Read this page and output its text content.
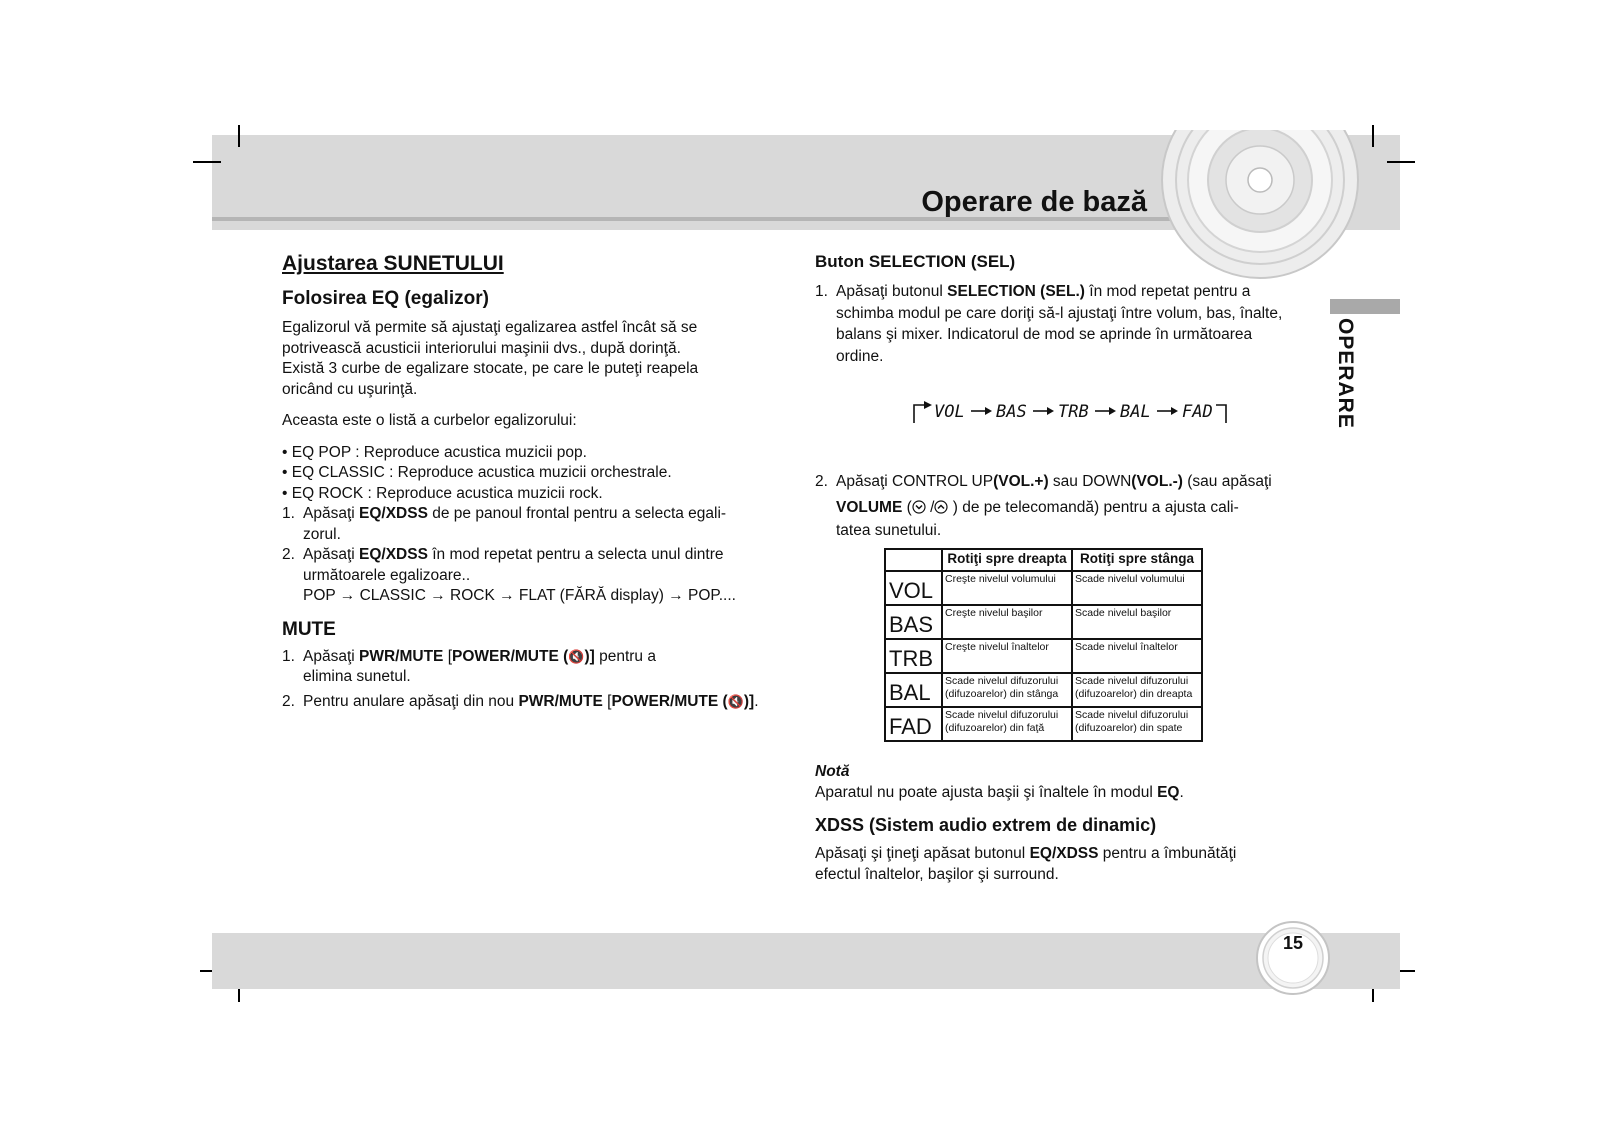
Operare de bază
OPERARE
15
Ajustarea SUNETULUI
Folosirea EQ (egalizor)
Egalizorul vă permite să ajustaţi egalizarea astfel încât să se
potrivească acusticii interiorului maşinii dvs., după dorinţă.
Există 3 curbe de egalizare stocate, pe care le puteţi reapela
oricând cu uşurinţă.
Aceasta este o listă a curbelor egalizorului:
• EQ POP : Reproduce acustica muzicii pop.
• EQ CLASSIC : Reproduce acustica muzicii orchestrale.
• EQ ROCK : Reproduce acustica muzicii rock.
1. Apăsaţi EQ/XDSS de pe panoul frontal pentru a selecta egali-
zorul.
2. Apăsaţi EQ/XDSS în mod repetat pentru a selecta unul dintre
următoarele egalizoare..
POP → CLASSIC → ROCK → FLAT (FĂRĂ display) → POP....
MUTE
1. Apăsaţi PWR/MUTE [POWER/MUTE (🔇)] pentru a
elimina sunetul.
2. Pentru anulare apăsaţi din nou PWR/MUTE [POWER/MUTE (🔇)].
Buton SELECTION (SEL)
1. Apăsaţi butonul SELECTION (SEL.) în mod repetat pentru a
schimba modul pe care doriţi să-l ajustaţi între volum, bas, înalte,
balans şi mixer. Indicatorul de mod se aprinde în următoarea
ordine.
VOL BAS TRB BAL FAD
2. Apăsaţi CONTROL UP(VOL.+) sau DOWN(VOL.-) (sau apăsaţi
VOLUME ( / ) de pe telecomandă) pentru a ajusta cali-
tatea sunetului.
	Rotiţi spre dreapta	Rotiţi spre stânga
VOL	Creşte nivelul volumului	Scade nivelul volumului
BAS	Creşte nivelul başilor	Scade nivelul başilor
TRB	Creşte nivelul înaltelor	Scade nivelul înaltelor
BAL	Scade nivelul difuzorului (difuzoarelor) din stânga	Scade nivelul difuzorului (difuzoarelor) din dreapta
FAD	Scade nivelul difuzorului (difuzoarelor) din faţă	Scade nivelul difuzorului (difuzoarelor) din spate
Notă
Aparatul nu poate ajusta başii şi înaltele în modul EQ.
XDSS (Sistem audio extrem de dinamic)
Apăsaţi şi ţineţi apăsat butonul EQ/XDSS pentru a îmbunătăţi
efectul înaltelor, başilor şi surround.
